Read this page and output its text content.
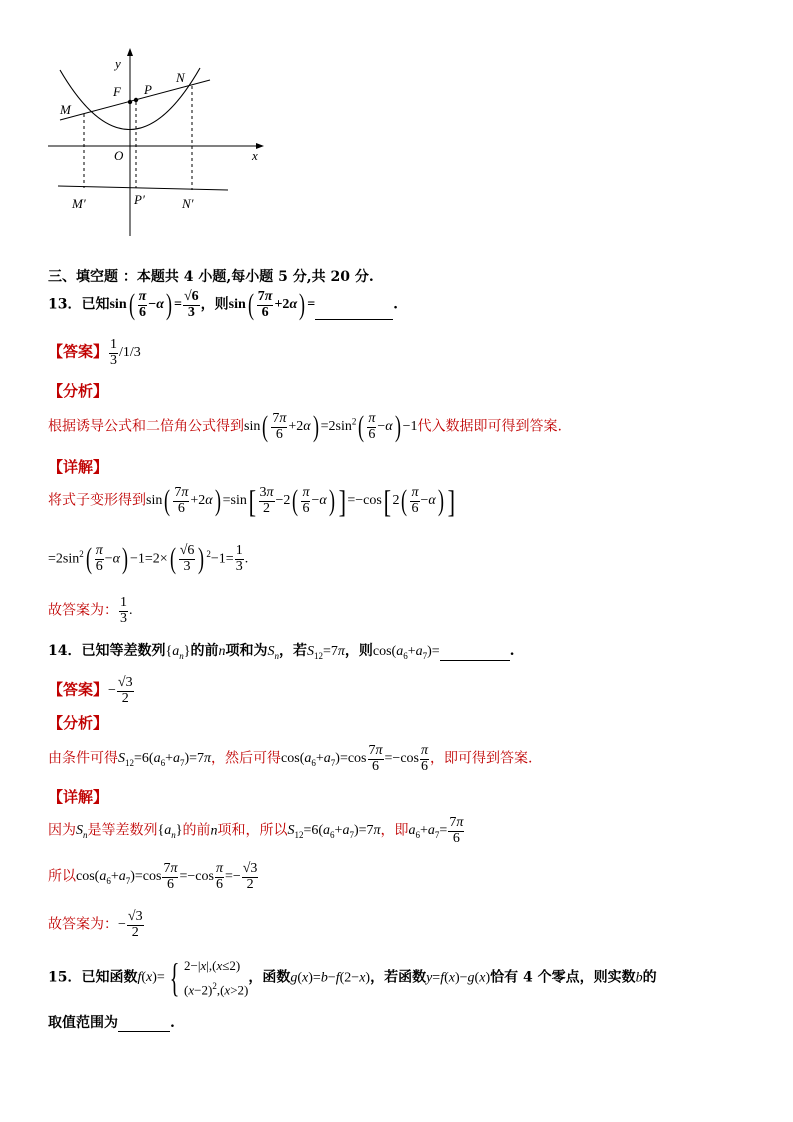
y
x
O
F P
M
N
M′	P′	N′
三、填空题 ：本题共 4 小题,每小题 5 分,共 20 分.
13．已知$\sin( \frac{\pi}{6} -\alpha) = \frac{√6}{3}$ ，则$\sin( \frac{7\pi}{6} +2\alpha)$ =	.
【答案】 $\frac{1}{3} /1/3$
【分析】
根据诱导公式和二倍角公式得到$\sin( \frac{7\pi}{6} +2\alpha) =2\sin^2( \frac{\pi}{6} -\alpha) -1$代入数据即可得到答案.
【详解】
将式子变形得到$\sin( \frac{7\pi}{6} +2\alpha) =\sin[ \frac{3\pi}{2} -2( \frac{\pi}{6} -\alpha)$ ] =−cos[ $2( \frac{\pi}{6} -\alpha)$ ]
$=2\sin^2( \frac{\pi}{6} -\alpha) -1=2\times( \frac{√6}{3}$ ) $^2-1= \frac{1}{3}$ .
故答案为： $\frac{1}{3}$ .
14．已知等差数列$\{a_n\}$的前n项和为$S_n$，若$S_{12}=7\pi$，则$\cos(a_6+a_7)=$	.
【答案】− $\frac{√3}{2}$
【分析】
由条件可得$S_{12}=6(a_6+a_7)=7\pi$，然后可得$\cos(a_6+a_7)=\cos \frac{7\pi}{6} =-\cos \frac{\pi}{6}$ ，即可得到答案.
【详解】
因为$S_n$是等差数列$\{a_n\}$的前n项和，所以$S_{12}=6(a_6+a_7)=7\pi$，即$a_6+a_7= \frac{7\pi}{6}$
所以$\cos(a_6+a_7)=\cos \frac{7\pi}{6} =-\cos \frac{\pi}{6} =- \frac{√3}{2}$
故答案为：− $\frac{√3}{2}$
15．已知函数f(x)= { 2−|x|,(x≤2)
$(x-2)^2,(x>2)$
，函数g(x)=b−f(2−x)，若函数y=f(x)−g(x)恰有 4 个零点，则实数b的
取值范围为	.
